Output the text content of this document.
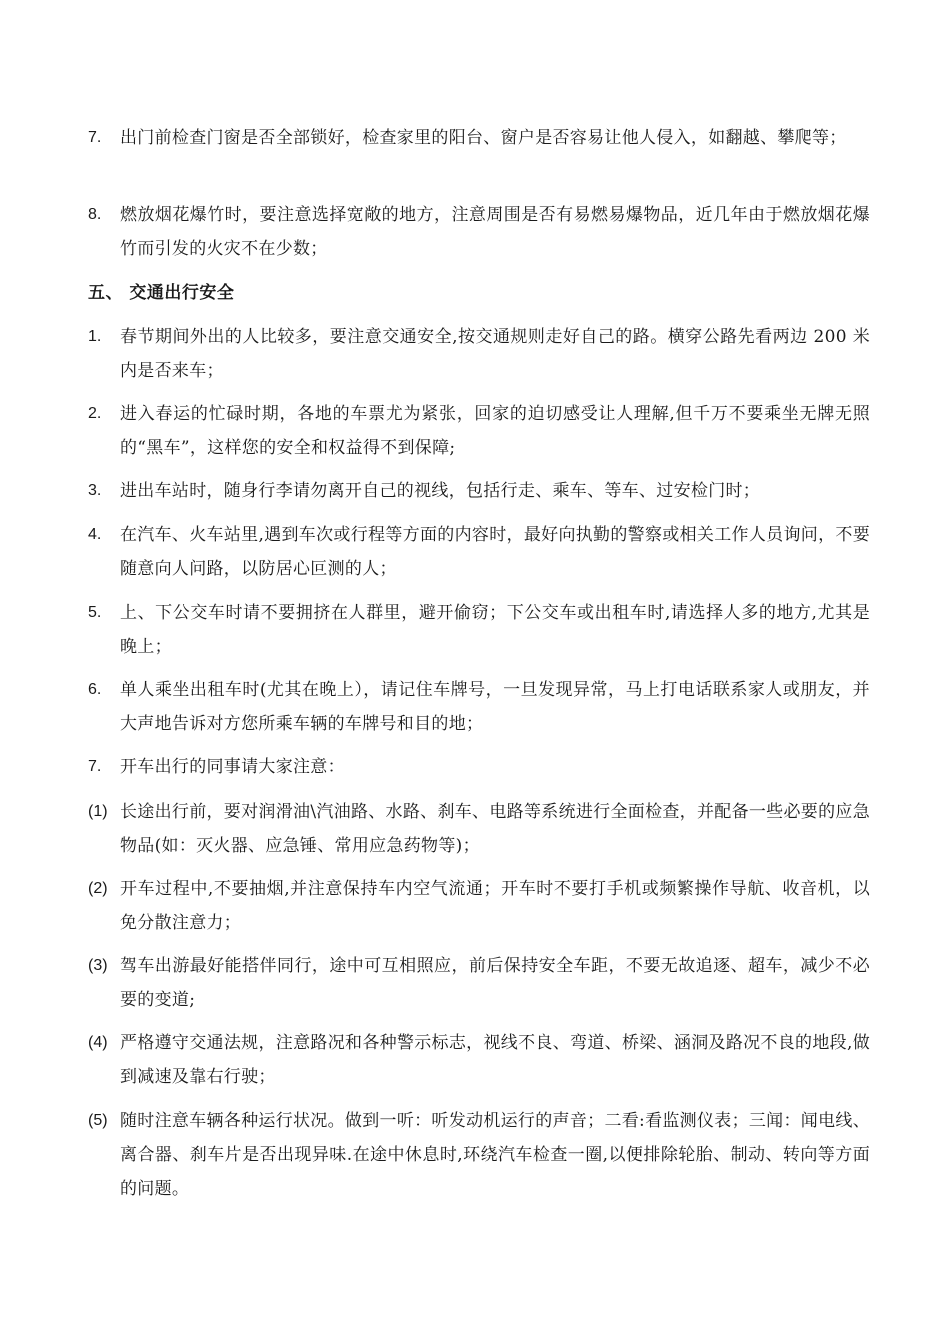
7.	出门前检查门窗是否全部锁好，检查家里的阳台、窗户是否容易让他人侵入，如翻越、攀爬等；
8.	燃放烟花爆竹时，要注意选择宽敞的地方，注意周围是否有易燃易爆物品，近几年由于燃放烟花爆竹而引发的火灾不在少数；
五、 交通出行安全
1.	春节期间外出的人比较多，要注意交通安全,按交通规则走好自己的路。横穿公路先看两边 200 米内是否来车；
2.	进入春运的忙碌时期，各地的车票尤为紧张，回家的迫切感受让人理解,但千万不要乘坐无牌无照的“黑车”，这样您的安全和权益得不到保障;
3.	进出车站时，随身行李请勿离开自己的视线，包括行走、乘车、等车、过安检门时；
4.	在汽车、火车站里,遇到车次或行程等方面的内容时，最好向执勤的警察或相关工作人员询问，不要随意向人问路，以防居心叵测的人；
5.	上、下公交车时请不要拥挤在人群里，避开偷窃；下公交车或出租车时,请选择人多的地方,尤其是晚上；
6.	单人乘坐出租车时(尤其在晚上），请记住车牌号，一旦发现异常，马上打电话联系家人或朋友，并大声地告诉对方您所乘车辆的车牌号和目的地；
7.	开车出行的同事请大家注意：
(1) 长途出行前，要对润滑油\汽油路、水路、刹车、电路等系统进行全面检查，并配备一些必要的应急物品(如：灭火器、应急锤、常用应急药物等)；
(2) 开车过程中,不要抽烟,并注意保持车内空气流通；开车时不要打手机或频繁操作导航、收音机，以免分散注意力；
(3) 驾车出游最好能搭伴同行，途中可互相照应，前后保持安全车距，不要无故追逐、超车，减少不必要的变道;
(4) 严格遵守交通法规，注意路况和各种警示标志，视线不良、弯道、桥梁、涵洞及路况不良的地段,做到减速及靠右行驶；
(5) 随时注意车辆各种运行状况。做到一听：听发动机运行的声音；二看:看监测仪表；三闻：闻电线、离合器、刹车片是否出现异味.在途中休息时,环绕汽车检查一圈,以便排除轮胎、制动、转向等方面的问题。
